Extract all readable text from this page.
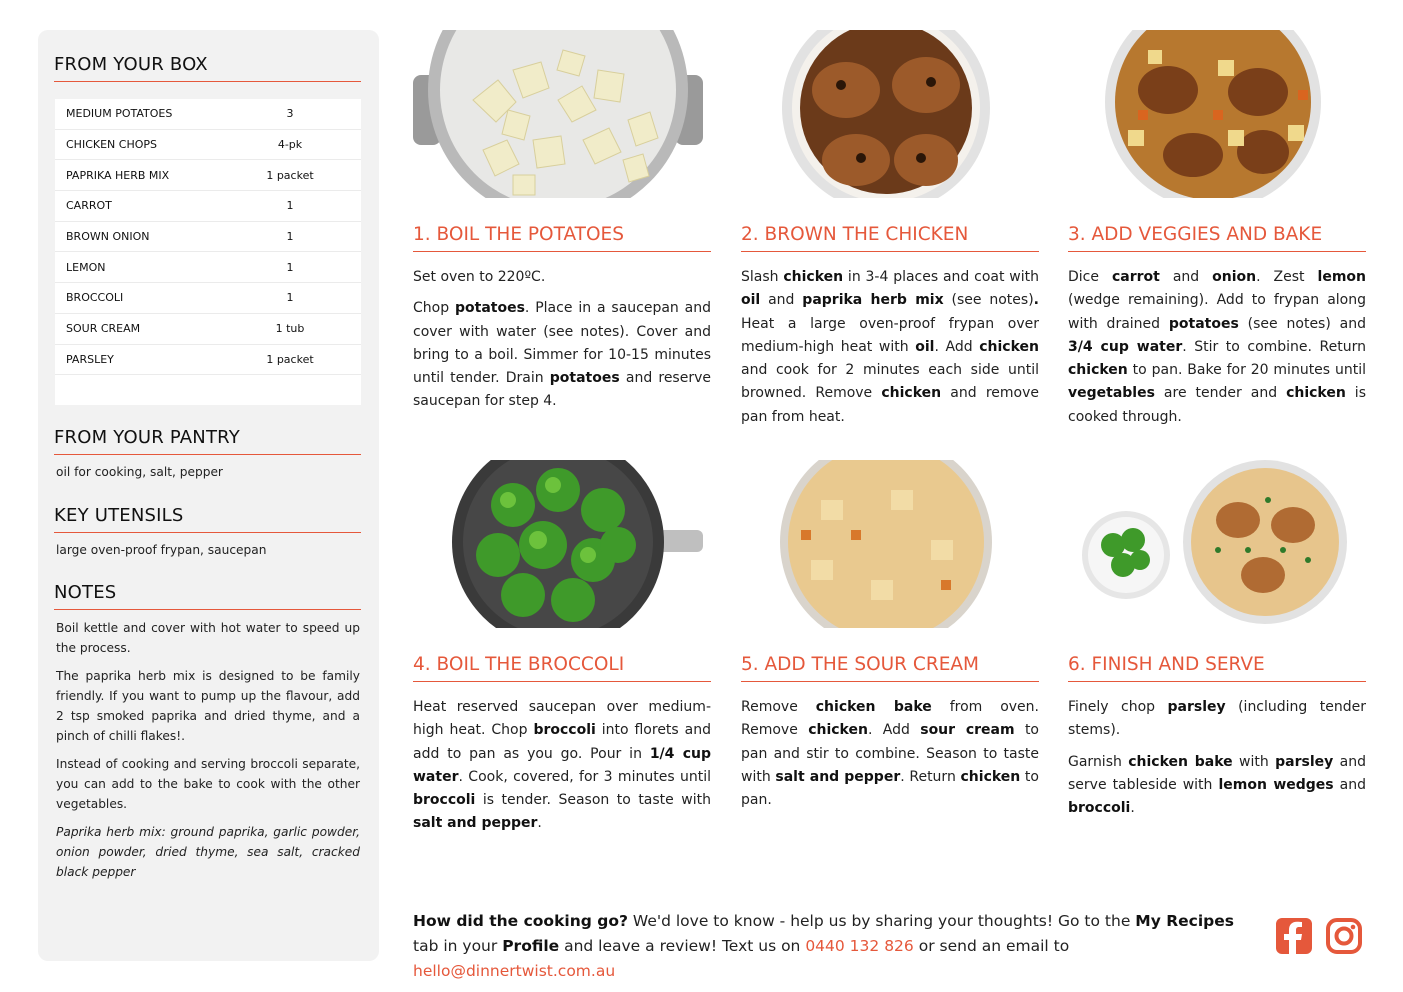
FROM YOUR BOX
MEDIUM POTATOES	3
CHICKEN CHOPS	4-pk
PAPRIKA HERB MIX	1 packet
CARROT	1
BROWN ONION	1
LEMON	1
BROCCOLI	1
SOUR CREAM	1 tub
PARSLEY	1 packet
FROM YOUR PANTRY
oil for cooking, salt, pepper
KEY UTENSILS
large oven-proof frypan, saucepan
NOTES

Boil kettle and cover with hot water to speed up the process.

The paprika herb mix is designed to be family friendly. If you want to pump up the flavour, add 2 tsp smoked paprika and dried thyme, and a pinch of chilli flakes!.

Instead of cooking and serving broccoli separate, you can add to the bake to cook with the other vegetables.

Paprika herb mix: ground paprika, garlic powder, onion powder, dried thyme, sea salt, cracked black pepper

1. BOIL THE POTATOES

Set oven to 220ºC.

Chop potatoes. Place in a saucepan and cover with water (see notes). Cover and bring to a boil. Simmer for 10-15 minutes until tender. Drain potatoes and reserve saucepan for step 4.

2. BROWN THE CHICKEN

Slash chicken in 3-4 places and coat with oil and paprika herb mix (see notes). Heat a large oven-proof frypan over medium-high heat with oil. Add chicken and cook for 2 minutes each side until browned. Remove chicken and remove pan from heat.

3. ADD VEGGIES AND BAKE

Dice carrot and onion. Zest lemon (wedge remaining). Add to frypan along with drained potatoes (see notes) and 3/4 cup water. Stir to combine. Return chicken to pan. Bake for 20 minutes until vegetables are tender and chicken is cooked through.

4. BOIL THE BROCCOLI

Heat reserved saucepan over medium-high heat. Chop broccoli into florets and add to pan as you go. Pour in 1/4 cup water. Cook, covered, for 3 minutes until broccoli is tender. Season to taste with salt and pepper.

5. ADD THE SOUR CREAM

Remove chicken bake from oven. Remove chicken. Add sour cream to pan and stir to combine. Season to taste with salt and pepper. Return chicken to pan.

6. FINISH AND SERVE

Finely chop parsley (including tender stems).

Garnish chicken bake with parsley and serve tableside with lemon wedges and broccoli.

How did the cooking go? We'd love to know - help us by sharing your thoughts! Go to the My Recipes tab in your Profile and leave a review! Text us on 0440 132 826 or send an email to hello@dinnertwist.com.au
